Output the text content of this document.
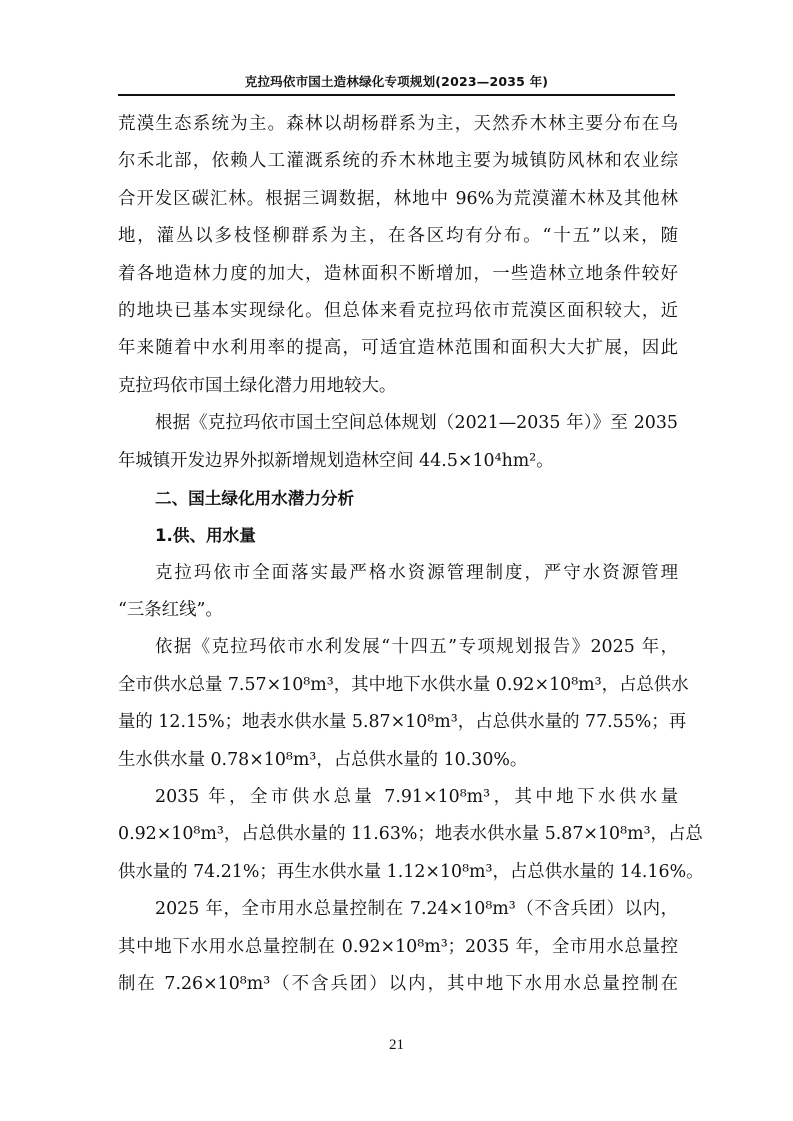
克拉玛依市国土造林绿化专项规划(2023—2035 年)
荒漠生态系统为主。森林以胡杨群系为主，天然乔木林主要分布在乌
尔禾北部，依赖人工灌溉系统的乔木林地主要为城镇防风林和农业综
合开发区碳汇林。根据三调数据，林地中 96%为荒漠灌木林及其他林
地，灌丛以多枝怪柳群系为主，在各区均有分布。“十五”以来，随
着各地造林力度的加大，造林面积不断增加，一些造林立地条件较好
的地块已基本实现绿化。但总体来看克拉玛依市荒漠区面积较大，近
年来随着中水利用率的提高，可适宜造林范围和面积大大扩展，因此
克拉玛依市国土绿化潜力用地较大。
根据《克拉玛依市国土空间总体规划（2021—2035 年）》至 2035
年城镇开发边界外拟新增规划造林空间 44.5×10⁴hm²。
二、国土绿化用水潜力分析
1.供、用水量
克拉玛依市全面落实最严格水资源管理制度，严守水资源管理
“三条红线”。
依据《克拉玛依市水利发展“十四五”专项规划报告》2025 年，
全市供水总量 7.57×10⁸m³，其中地下水供水量 0.92×10⁸m³，占总供水
量的 12.15%；地表水供水量 5.87×10⁸m³，占总供水量的 77.55%；再
生水供水量 0.78×10⁸m³，占总供水量的 10.30%。
2035 年，全市供水总量 7.91×10⁸m³，其中地下水供水量
0.92×10⁸m³，占总供水量的 11.63%；地表水供水量 5.87×10⁸m³，占总
供水量的 74.21%；再生水供水量 1.12×10⁸m³，占总供水量的 14.16%。
2025 年，全市用水总量控制在 7.24×10⁸m³（不含兵团）以内，
其中地下水用水总量控制在 0.92×10⁸m³；2035 年，全市用水总量控
制在 7.26×10⁸m³（不含兵团）以内，其中地下水用水总量控制在
21
